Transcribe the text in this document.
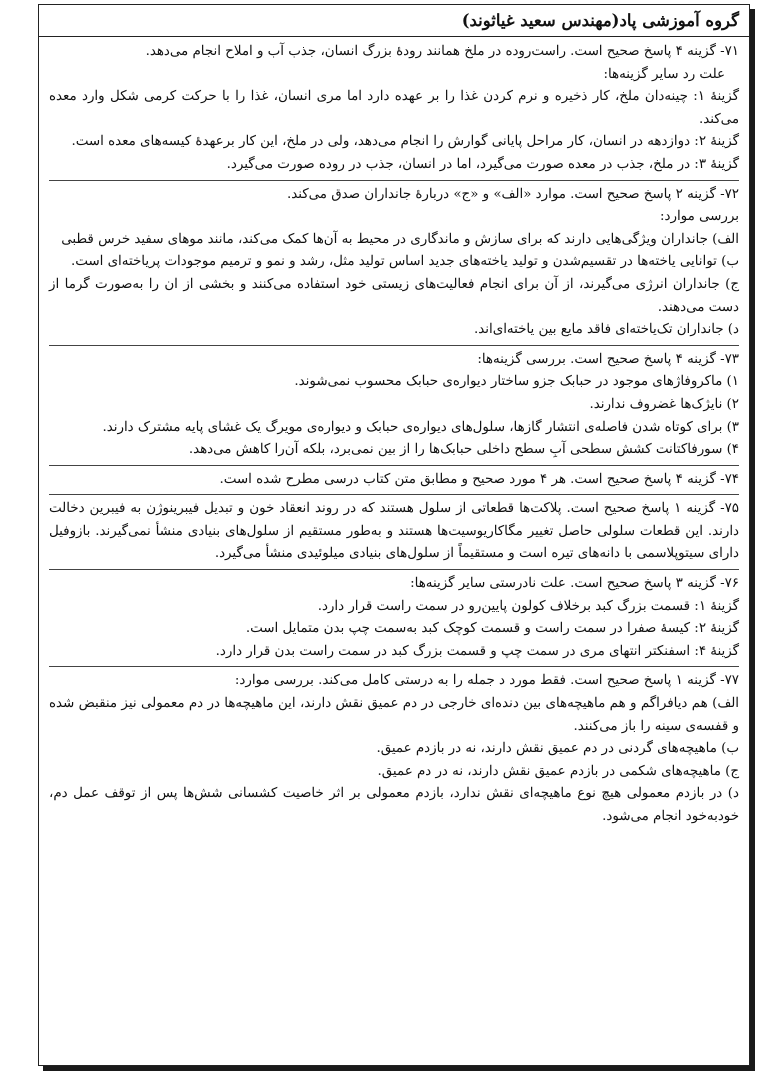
گروه آموزشی پاد(مهندس سعید غیاثوند)

۷۱- گزینه ۴ پاسخ صحیح است. راست‌روده در ملخ همانند رودهٔ بزرگ انسان، جذب آب و املاح انجام می‌دهد.

علت رد سایر گزینه‌ها:

گزینهٔ ۱: چینه‌دان ملخ، کار ذخیره و نرم کردن غذا را بر عهده دارد اما مری انسان، غذا را با حرکت کرمی شکل وارد معده می‌کند.

گزینهٔ ۲: دوازدهه در انسان، کار مراحل پایانی گوارش را انجام می‌دهد، ولی در ملخ، این کار برعهدهٔ کیسه‌های معده است.

گزینهٔ ۳: در ملخ، جذب در معده صورت می‌گیرد، اما در انسان، جذب در روده صورت می‌گیرد.

۷۲- گزینه ۲ پاسخ صحیح است. موارد «الف» و «ج» دربارهٔ جانداران صدق می‌کند.

بررسی موارد:

الف) جانداران ویژگی‌هایی دارند که برای سازش و ماندگاری در محیط به آن‌ها کمک می‌کند، مانند موهای سفید خرس قطبی

ب) توانایی یاخته‌ها در تقسیم‌شدن و تولید یاخته‌های جدید اساس تولید مثل، رشد و نمو و ترمیم موجودات پریاخته‌ای است.

ج) جانداران انرژی می‌گیرند، از آن برای انجام فعالیت‌های زیستی خود استفاده می‌کنند و بخشی از ان را به‌صورت گرما از دست می‌دهند.

د) جانداران تک‌یاخته‌ای فاقد مایع بین یاخته‌ای‌اند.

۷۳- گزینه ۴ پاسخ صحیح است. بررسی گزینه‌ها:

۱) ماکروفاژهای موجود در حبابک جزو ساختار دیواره‌ی حبابک محسوب نمی‌شوند.

۲) نایژک‌ها غضروف ندارند.

۳) برای کوتاه شدن فاصله‌ی انتشار گازها، سلول‌های دیواره‌ی حبابک و دیواره‌ی مویرگ یک غشای پایه مشترک دارند.

۴) سورفاکتانت کشش سطحی آبِ سطح داخلی حبابک‌ها را از بین نمی‌برد، بلکه آن‌را کاهش می‌دهد.

۷۴- گزینه ۴ پاسخ صحیح است. هر ۴ مورد صحیح و مطابق متن کتاب درسی مطرح شده است.

۷۵- گزینه ۱ پاسخ صحیح است. پلاکت‌ها قطعاتی از سلول هستند که در روند انعقاد خون و تبدیل فیبرینوژن به فیبرین دخالت دارند. این قطعات سلولی حاصل تغییر مگاکاریوسیت‌ها هستند و به‌طور مستقیم از سلول‌های بنیادی منشأ نمی‌گیرند. بازوفیل دارای سیتوپلاسمی با دانه‌های تیره است و مستقیماً از سلول‌های بنیادی میلوئیدی منشأ می‌گیرد.

۷۶- گزینه ۳ پاسخ صحیح است. علت نادرستی سایر گزینه‌ها:

گزینهٔ ۱: قسمت بزرگ کبد برخلاف کولون پایین‌رو در سمت راست قرار دارد.

گزینهٔ ۲: کیسهٔ صفرا در سمت راست و قسمت کوچک کبد به‌سمت چپ بدن متمایل است.

گزینهٔ ۴: اسفنکتر انتهای مری در سمت چپ و قسمت بزرگ کبد در سمت راست بدن قرار دارد.

۷۷- گزینه ۱ پاسخ صحیح است. فقط مورد د جمله را به درستی کامل می‌کند. بررسی موارد:

الف) هم دیافراگم و هم ماهیچه‌های بین دنده‌ای خارجی در دم عمیق نقش دارند، این ماهیچه‌ها در دم معمولی نیز منقبض شده و قفسه‌ی سینه را باز می‌کنند.

ب) ماهیچه‌های گردنی در دم عمیق نقش دارند، نه در بازدم عمیق.

ج) ماهیچه‌های شکمی در بازدم عمیق نقش دارند، نه در دم عمیق.

د) در بازدم معمولی هیچ نوع ماهیچه‌ای نقش ندارد، بازدم معمولی بر اثر خاصیت کشسانی شش‌ها پس از توقف عمل دم، خودبه‌خود انجام می‌شود.
